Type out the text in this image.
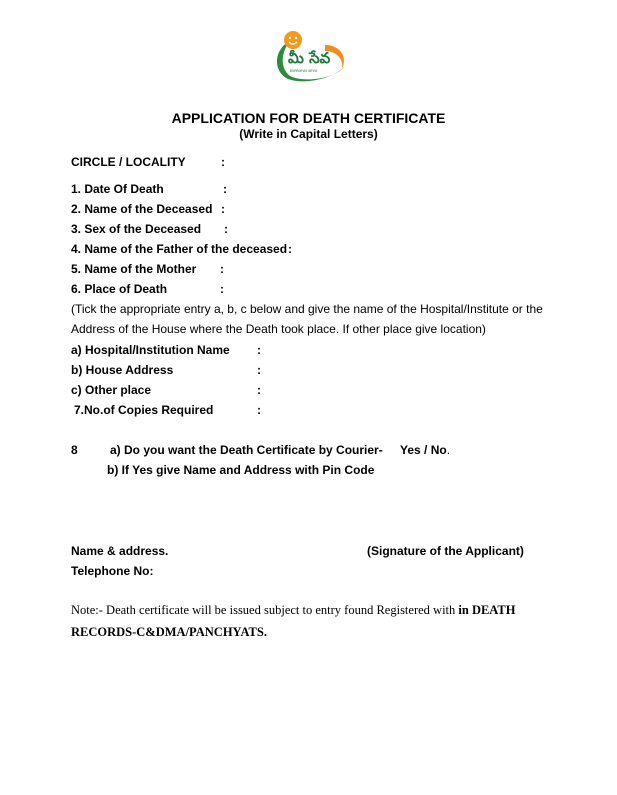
మీ సేవ
meeseva seva
APPLICATION FOR DEATH CERTIFICATE
(Write in Capital Letters)
CIRCLE / LOCALITY	:
1. Date Of Death	:
2. Name of the Deceased :
3. Sex of the Deceased :
4. Name of the Father of the deceased :
5. Name of the Mother :
6. Place of Death	:
(Tick the appropriate entry a, b, c below and give the name of the Hospital/Institute or the
Address of the House where the Death took place. If other place give location)
a) Hospital/Institution Name :
b) House Address	:
c) Other place	:
7.No.of Copies Required	:
8	a) Do you want the Death Certificate by Courier- Yes / No.
b) If Yes give Name and Address with Pin Code
Name & address.	(Signature of the Applicant)
Telephone No:
Note:- Death certificate will be issued subject to entry found Registered with in DEATH
RECORDS-C&DMA/PANCHYATS.
